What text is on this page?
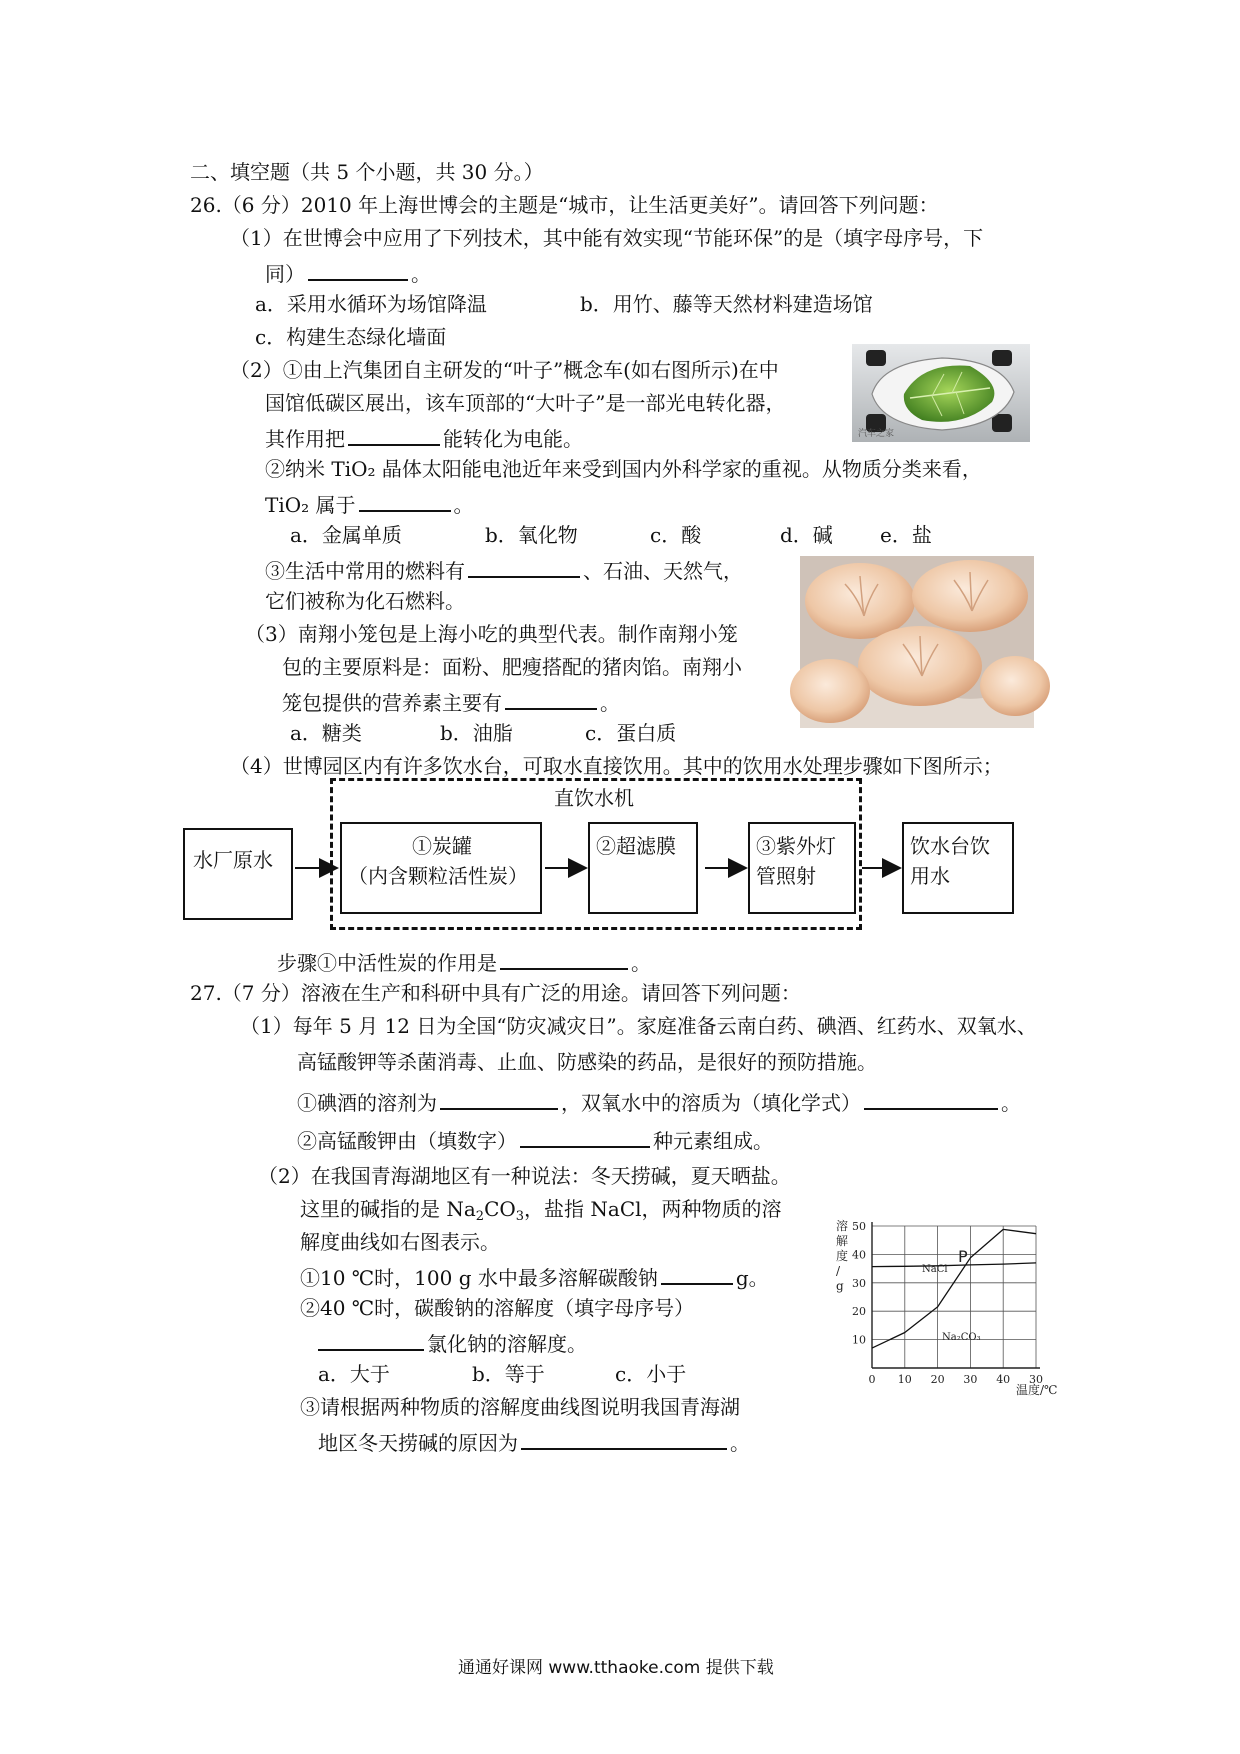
二、填空题（共 5 个小题，共 30 分。）
26.（6 分）2010 年上海世博会的主题是“城市，让生活更美好”。请回答下列问题：
（1）在世博会中应用了下列技术，其中能有效实现“节能环保”的是（填字母序号，下
同）	。
a．采用水循环为场馆降温	b．用竹、藤等天然材料建造场馆
c．构建生态绿化墙面
（2）①由上汽集团自主研发的“叶子”概念车(如右图所示)在中
国馆低碳区展出，该车顶部的“大叶子”是一部光电转化器，
其作用把	能转化为电能。	汽车之家
②纳米 TiO₂ 晶体太阳能电池近年来受到国内外科学家的重视。从物质分类来看，
TiO₂ 属于	。
a．金属单质	b．氧化物	c．酸	d．碱 e．盐
③生活中常用的燃料有	、石油、天然气，
它们被称为化石燃料。
（3）南翔小笼包是上海小吃的典型代表。制作南翔小笼
包的主要原料是：面粉、肥瘦搭配的猪肉馅。南翔小
笼包提供的营养素主要有	。
a．糖类	b．油脂	c．蛋白质
（4）世博园区内有许多饮水台，可取水直接饮用。其中的饮用水处理步骤如下图所示；
直饮水机
水厂原水
①炭罐
（内含颗粒活性炭）
②超滤膜	③紫外灯
管照射
饮水台饮
用水
步骤①中活性炭的作用是	。
27.（7 分）溶液在生产和科研中具有广泛的用途。请回答下列问题：
（1）每年 5 月 12 日为全国“防灾减灾日”。家庭准备云南白药、碘酒、红药水、双氧水、
高锰酸钾等杀菌消毒、止血、防感染的药品，是很好的预防措施。
①碘酒的溶剂为	，双氧水中的溶质为（填化学式）	。
②高锰酸钾由（填数字）	种元素组成。
（2）在我国青海湖地区有一种说法：冬天捞碱，夏天晒盐。
这里的碱指的是 $Na_2CO_3$，盐指 NaCl，两种物质的溶
解度曲线如右图表示。
①10 ℃时，100 g 水中最多溶解碳酸钠	g。
②40 ℃时，碳酸钠的溶解度（填字母序号）
氯化钠的溶解度。
a．大于	b．等于	c．小于
③请根据两种物质的溶解度曲线图说明我国青海湖
地区冬天捞碱的原因为	。
0 10 20 30 40 30
10
20
30
40
50
溶
解
度
/
g
温度/℃
NaCl
Na₂CO₃
P
通通好课网 www.tthaoke.com 提供下载
